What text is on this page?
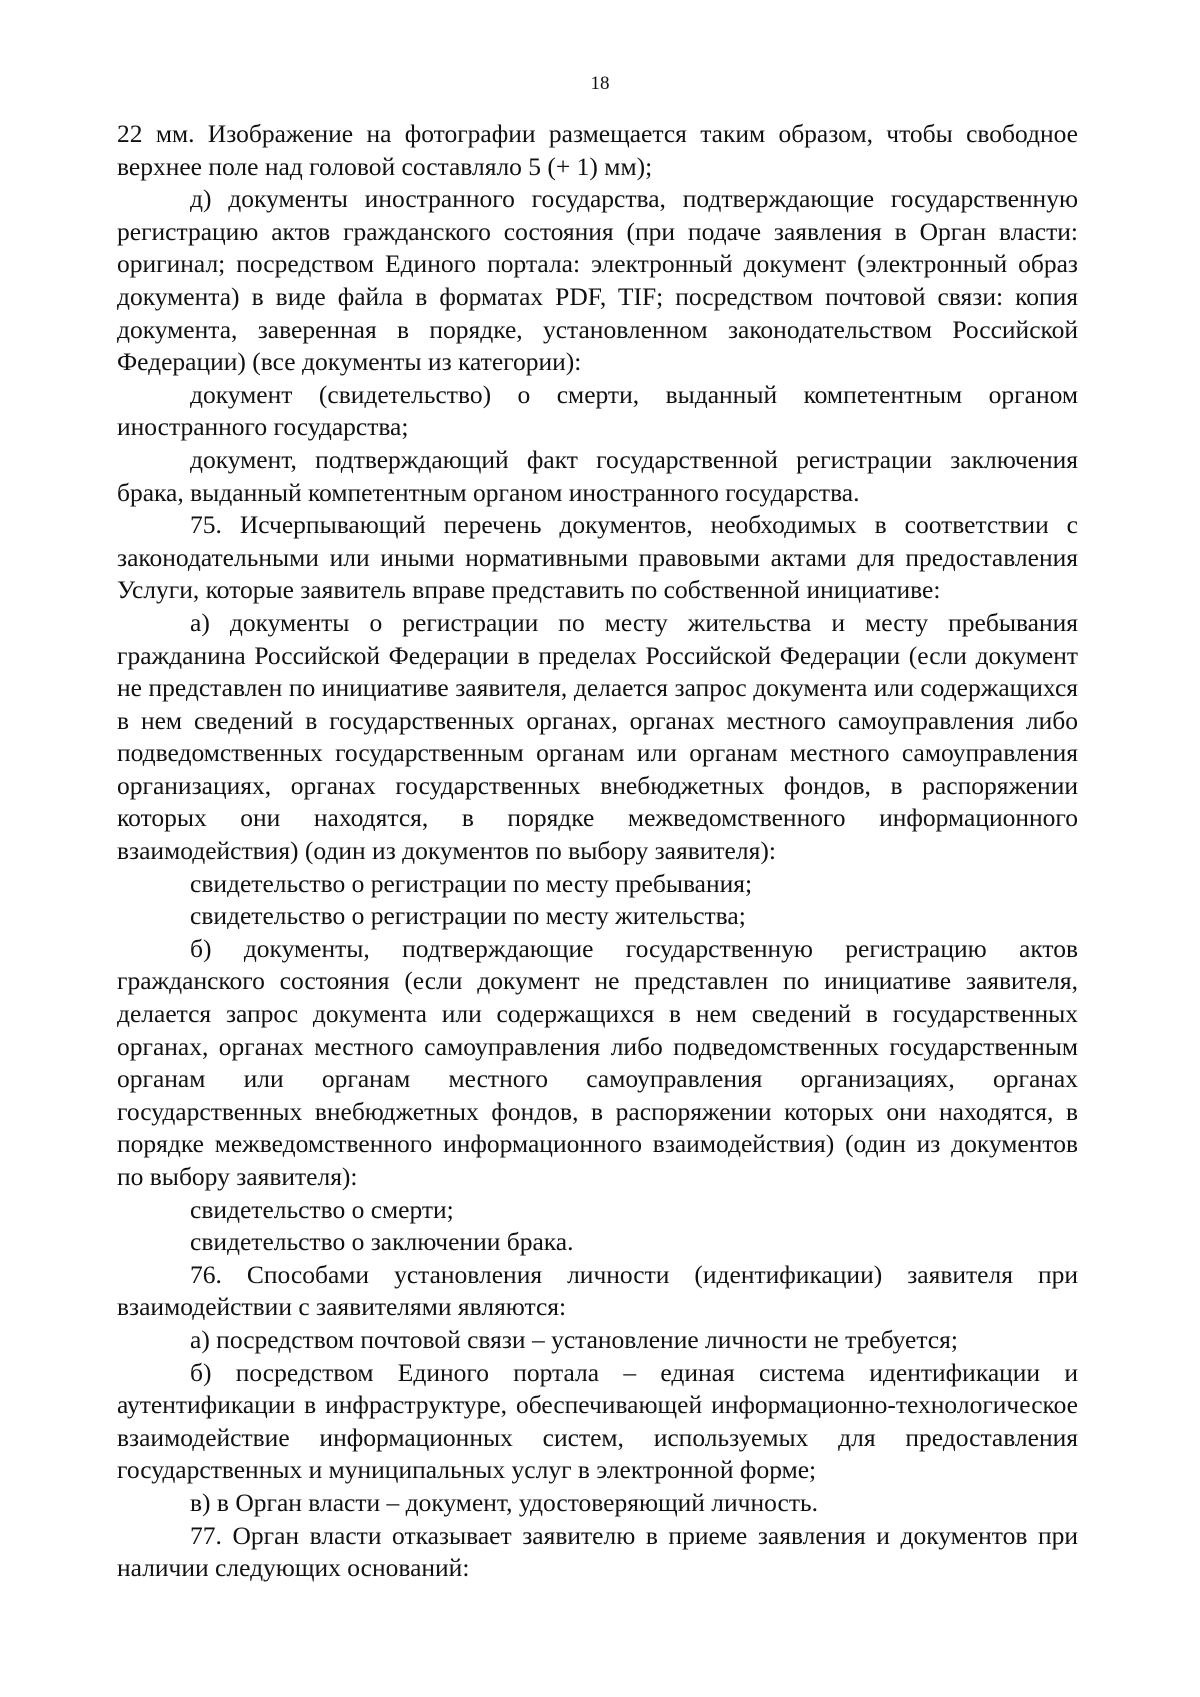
18

22 мм. Изображение на фотографии размещается таким образом, чтобы свободное верхнее поле над головой составляло 5 (+ 1) мм);

д) документы иностранного государства, подтверждающие государственную регистрацию актов гражданского состояния (при подаче заявления в Орган власти: оригинал; посредством Единого портала: электронный документ (электронный образ документа) в виде файла в форматах PDF, TIF; посредством почтовой связи: копия документа, заверенная в порядке, установленном законодательством Российской Федерации) (все документы из категории):

документ (свидетельство) о смерти, выданный компетентным органом иностранного государства;

документ, подтверждающий факт государственной регистрации заключения брака, выданный компетентным органом иностранного государства.

75. Исчерпывающий перечень документов, необходимых в соответствии с законодательными или иными нормативными правовыми актами для предоставления Услуги, которые заявитель вправе представить по собственной инициативе:

а) документы о регистрации по месту жительства и месту пребывания гражданина Российской Федерации в пределах Российской Федерации (если документ не представлен по инициативе заявителя, делается запрос документа или содержащихся в нем сведений в государственных органах, органах местного самоуправления либо подведомственных государственным органам или органам местного самоуправления организациях, органах государственных внебюджетных фондов, в распоряжении которых они находятся, в порядке межведомственного информационного взаимодействия) (один из документов по выбору заявителя):

свидетельство о регистрации по месту пребывания;

свидетельство о регистрации по месту жительства;

б) документы, подтверждающие государственную регистрацию актов гражданского состояния (если документ не представлен по инициативе заявителя, делается запрос документа или содержащихся в нем сведений в государственных органах, органах местного самоуправления либо подведомственных государственным органам или органам местного самоуправления организациях, органах государственных внебюджетных фондов, в распоряжении которых они находятся, в порядке межведомственного информационного взаимодействия) (один из документов по выбору заявителя):

свидетельство о смерти;

свидетельство о заключении брака.

76. Способами установления личности (идентификации) заявителя при взаимодействии с заявителями являются:

а) посредством почтовой связи – установление личности не требуется;

б) посредством Единого портала – единая система идентификации и аутентификации в инфраструктуре, обеспечивающей информационно-технологическое взаимодействие информационных систем, используемых для предоставления государственных и муниципальных услуг в электронной форме;

в) в Орган власти – документ, удостоверяющий личность.

77. Орган власти отказывает заявителю в приеме заявления и документов при наличии следующих оснований:
